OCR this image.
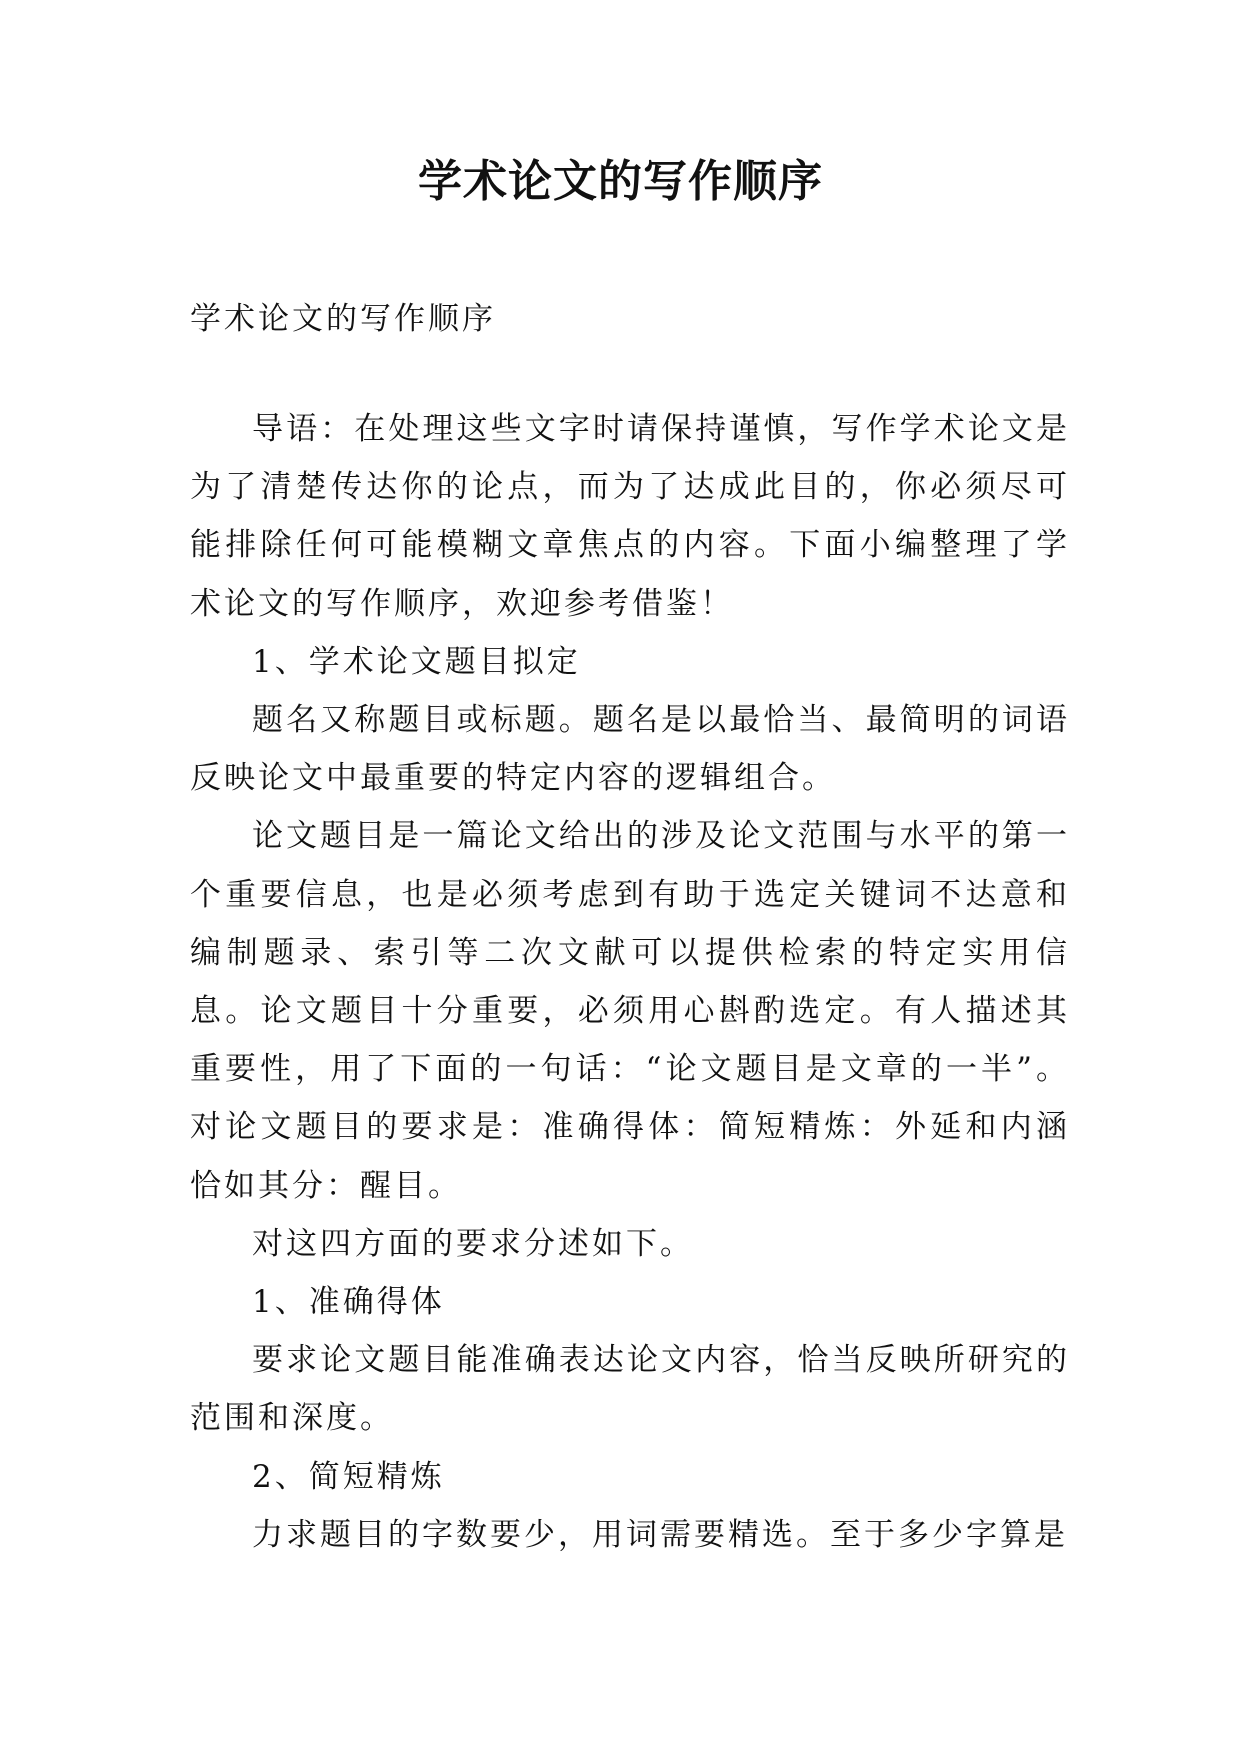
学术论文的写作顺序
学术论文的写作顺序

导语：在处理这些文字时请保持谨慎，写作学术论文是为了清楚传达你的论点，而为了达成此目的，你必须尽可能排除任何可能模糊文章焦点的内容。下面小编整理了学术论文的写作顺序，欢迎参考借鉴！

1、学术论文题目拟定

题名又称题目或标题。题名是以最恰当、最简明的词语反映论文中最重要的特定内容的逻辑组合。

论文题目是一篇论文给出的涉及论文范围与水平的第一个重要信息，也是必须考虑到有助于选定关键词不达意和编制题录、索引等二次文献可以提供检索的特定实用信息。论文题目十分重要，必须用心斟酌选定。有人描述其重要性，用了下面的一句话：“论文题目是文章的一半”。对论文题目的要求是：准确得体：简短精炼：外延和内涵恰如其分：醒目。

对这四方面的要求分述如下。

1、准确得体

要求论文题目能准确表达论文内容，恰当反映所研究的范围和深度。

2、简短精炼

力求题目的字数要少，用词需要精选。至于多少字算是
